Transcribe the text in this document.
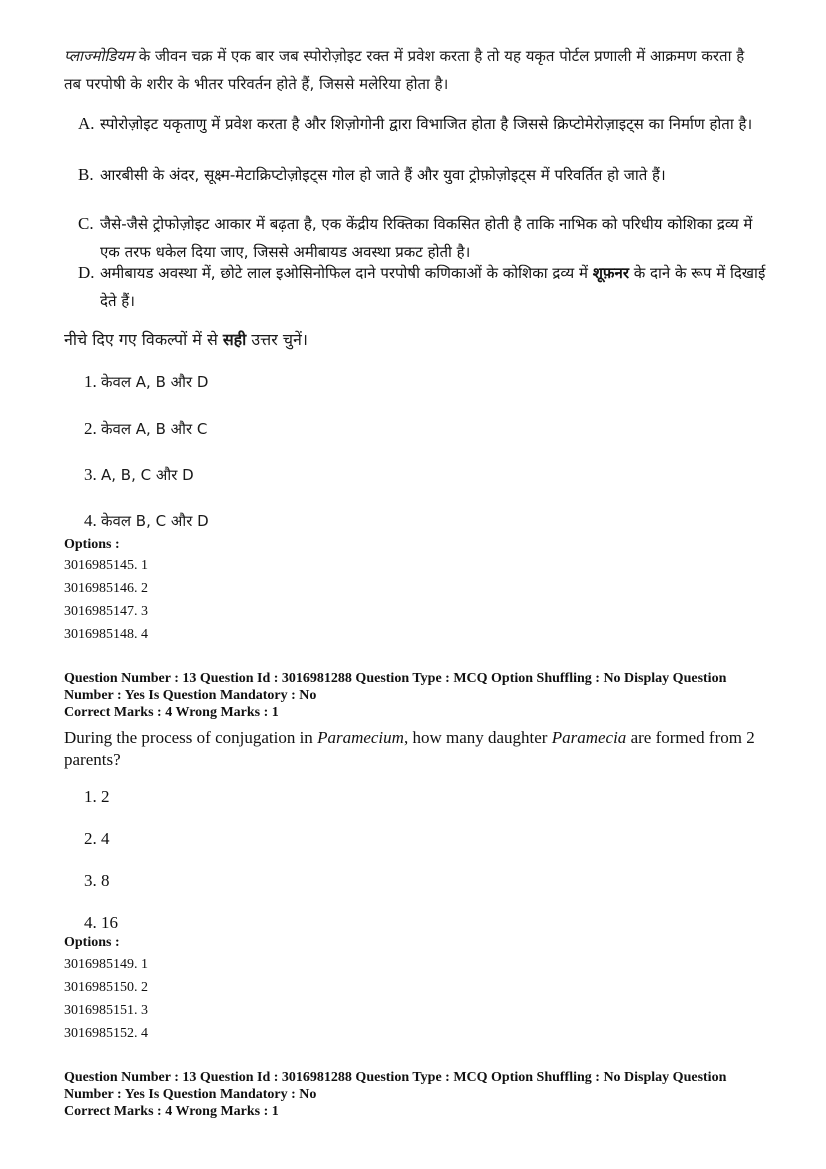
प्लाज्मोडियम के जीवन चक्र में एक बार जब स्पोरोज़ोइट रक्त में प्रवेश करता है तो यह यकृत पोर्टल प्रणाली में आक्रमण करता है तब परपोषी के शरीर के भीतर परिवर्तन होते हैं, जिससे मलेरिया होता है।
A. स्पोरोज़ोइट यकृताणु में प्रवेश करता है और शिज़ोगोनी द्वारा विभाजित होता है जिससे क्रिप्टोमेरोज़ाइट्स का निर्माण होता है।
B. आरबीसी के अंदर, सूक्ष्म-मेटाक्रिप्टोज़ोइट्स गोल हो जाते हैं और युवा ट्रोफ़ोज़ोइट्स में परिवर्तित हो जाते हैं।
C. जैसे-जैसे ट्रोफोज़ोइट आकार में बढ़ता है, एक केंद्रीय रिक्तिका विकसित होती है ताकि नाभिक को परिधीय कोशिका द्रव्य में एक तरफ धकेल दिया जाए, जिससे अमीबायड अवस्था प्रकट होती है।
D. अमीबायड अवस्था में, छोटे लाल इओसिनोफिल दाने परपोषी कणिकाओं के कोशिका द्रव्य में शूफ़नर के दाने के रूप में दिखाई देते हैं।
नीचे दिए गए विकल्पों में से सही उत्तर चुनें।
1. केवल A, B और D
2. केवल A, B और C
3. A, B, C और D
4. केवल B, C और D
Options :
3016985145. 1
3016985146. 2
3016985147. 3
3016985148. 4
Question Number : 13 Question Id : 3016981288 Question Type : MCQ Option Shuffling : No Display Question
Number : Yes Is Question Mandatory : No
Correct Marks : 4 Wrong Marks : 1
During the process of conjugation in Paramecium, how many daughter Paramecia are formed from 2 parents?
1. 2
2. 4
3. 8
4. 16
Options :
3016985149. 1
3016985150. 2
3016985151. 3
3016985152. 4
Question Number : 13 Question Id : 3016981288 Question Type : MCQ Option Shuffling : No Display Question
Number : Yes Is Question Mandatory : No
Correct Marks : 4 Wrong Marks : 1
